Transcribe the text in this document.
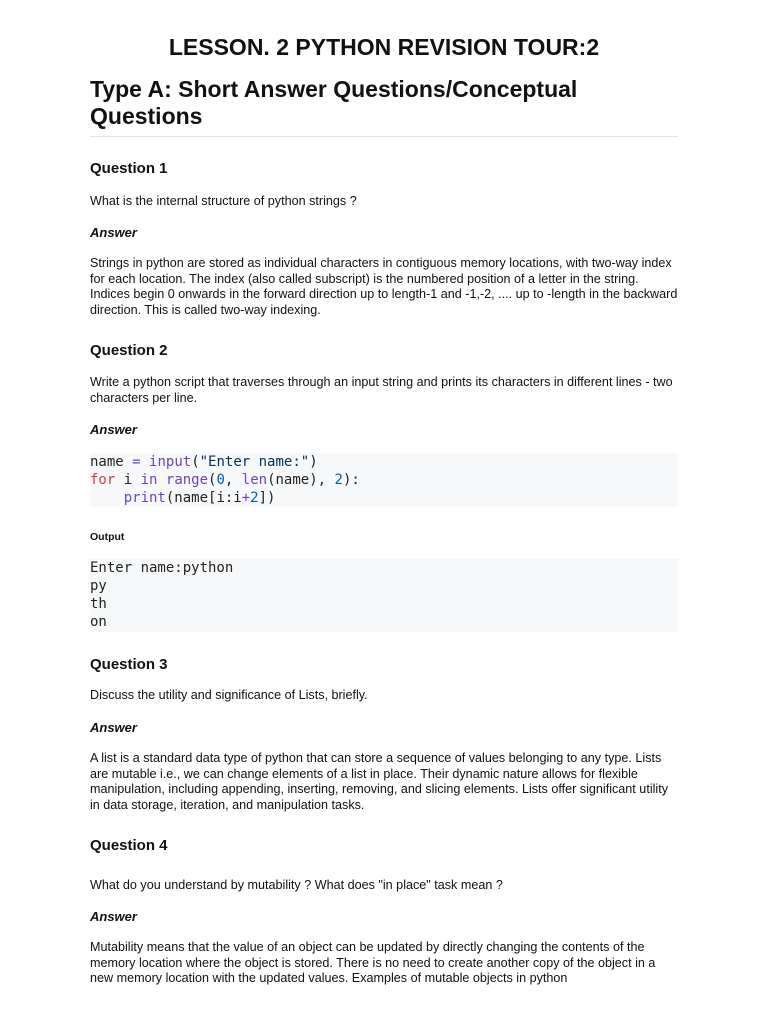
LESSON. 2 PYTHON REVISION TOUR:2
Type A: Short Answer Questions/Conceptual Questions
Question 1

What is the internal structure of python strings ?

Answer

Strings in python are stored as individual characters in contiguous memory locations, with two-way index for each location. The index (also called subscript) is the numbered position of a letter in the string. Indices begin 0 onwards in the forward direction up to length-1 and -1,-2, .... up to -length in the backward direction. This is called two-way indexing.

Question 2

Write a python script that traverses through an input string and prints its characters in different lines - two characters per line.

Answer

name = input("Enter name:")
for i in range(0, len(name), 2):
print(name[i:i+2])

Output

Enter name:python
py
th
on
Question 3

Discuss the utility and significance of Lists, briefly.

Answer

A list is a standard data type of python that can store a sequence of values belonging to any type. Lists are mutable i.e., we can change elements of a list in place. Their dynamic nature allows for flexible manipulation, including appending, inserting, removing, and slicing elements. Lists offer significant utility in data storage, iteration, and manipulation tasks.

Question 4

What do you understand by mutability ? What does "in place" task mean ?

Answer

Mutability means that the value of an object can be updated by directly changing the contents of the memory location where the object is stored. There is no need to create another copy of the object in a new memory location with the updated values. Examples of mutable objects in python
